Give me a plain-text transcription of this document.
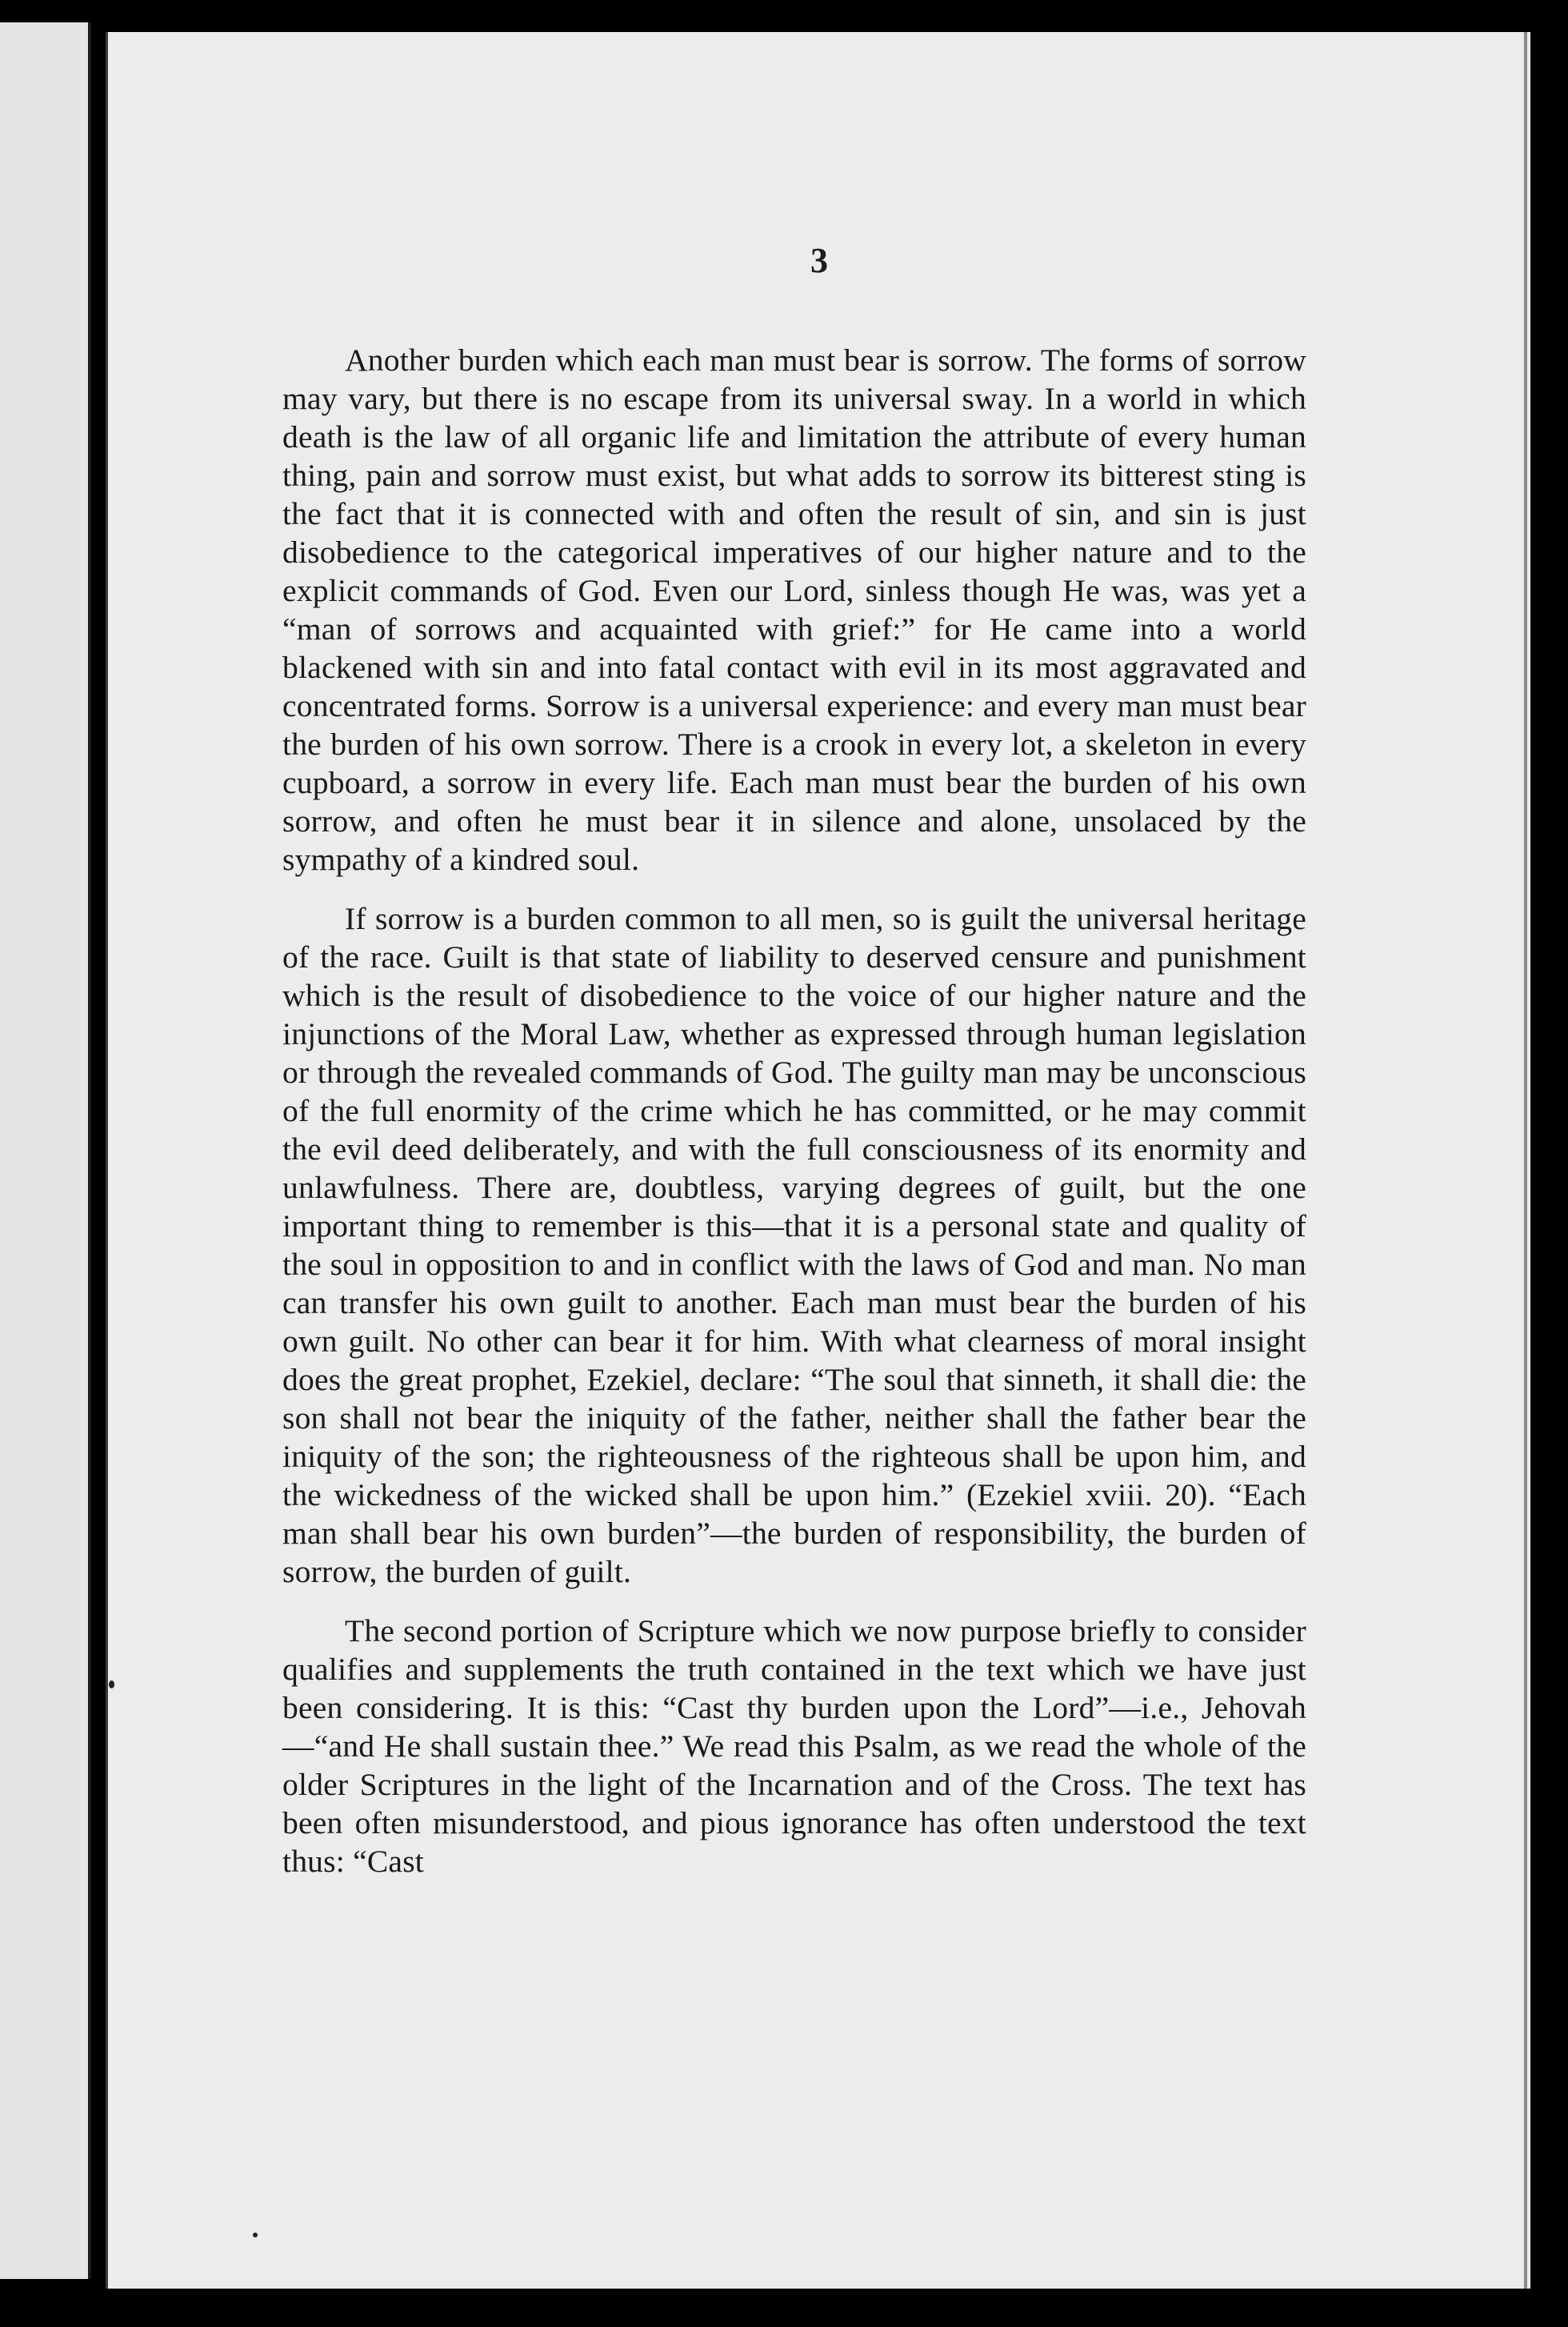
3

Another burden which each man must bear is sorrow. The forms of sorrow may vary, but there is no escape from its universal sway. In a world in which death is the law of all organic life and limitation the attribute of every human thing, pain and sorrow must exist, but what adds to sorrow its bitterest sting is the fact that it is connected with and often the result of sin, and sin is just disobedience to the categorical imperatives of our higher nature and to the explicit commands of God. Even our Lord, sinless though He was, was yet a “man of sorrows and acquainted with grief:” for He came into a world blackened with sin and into fatal contact with evil in its most aggravated and concentrated forms. Sorrow is a universal experience: and every man must bear the burden of his own sorrow. There is a crook in every lot, a skeleton in every cupboard, a sorrow in every life. Each man must bear the burden of his own sorrow, and often he must bear it in silence and alone, unsolaced by the sympathy of a kindred soul.

If sorrow is a burden common to all men, so is guilt the universal heritage of the race. Guilt is that state of liability to deserved censure and punishment which is the result of disobedience to the voice of our higher nature and the injunctions of the Moral Law, whether as expressed through human legislation or through the revealed commands of God. The guilty man may be unconscious of the full enormity of the crime which he has committed, or he may commit the evil deed deliberately, and with the full consciousness of its enormity and unlawfulness. There are, doubtless, varying degrees of guilt, but the one important thing to remember is this—that it is a personal state and quality of the soul in opposition to and in conflict with the laws of God and man. No man can transfer his own guilt to another. Each man must bear the burden of his own guilt. No other can bear it for him. With what clearness of moral insight does the great prophet, Ezekiel, declare: “The soul that sinneth, it shall die: the son shall not bear the iniquity of the father, neither shall the father bear the iniquity of the son; the righteousness of the righteous shall be upon him, and the wickedness of the wicked shall be upon him.” (Ezekiel xviii. 20). “Each man shall bear his own burden”—the burden of responsibility, the burden of sorrow, the burden of guilt.

The second portion of Scripture which we now purpose briefly to consider qualifies and supplements the truth contained in the text which we have just been considering. It is this: “Cast thy burden upon the Lord”—i.e., Jehovah—“and He shall sustain thee.” We read this Psalm, as we read the whole of the older Scriptures in the light of the Incarnation and of the Cross. The text has been often misunderstood, and pious ignorance has often understood the text thus: “Cast
